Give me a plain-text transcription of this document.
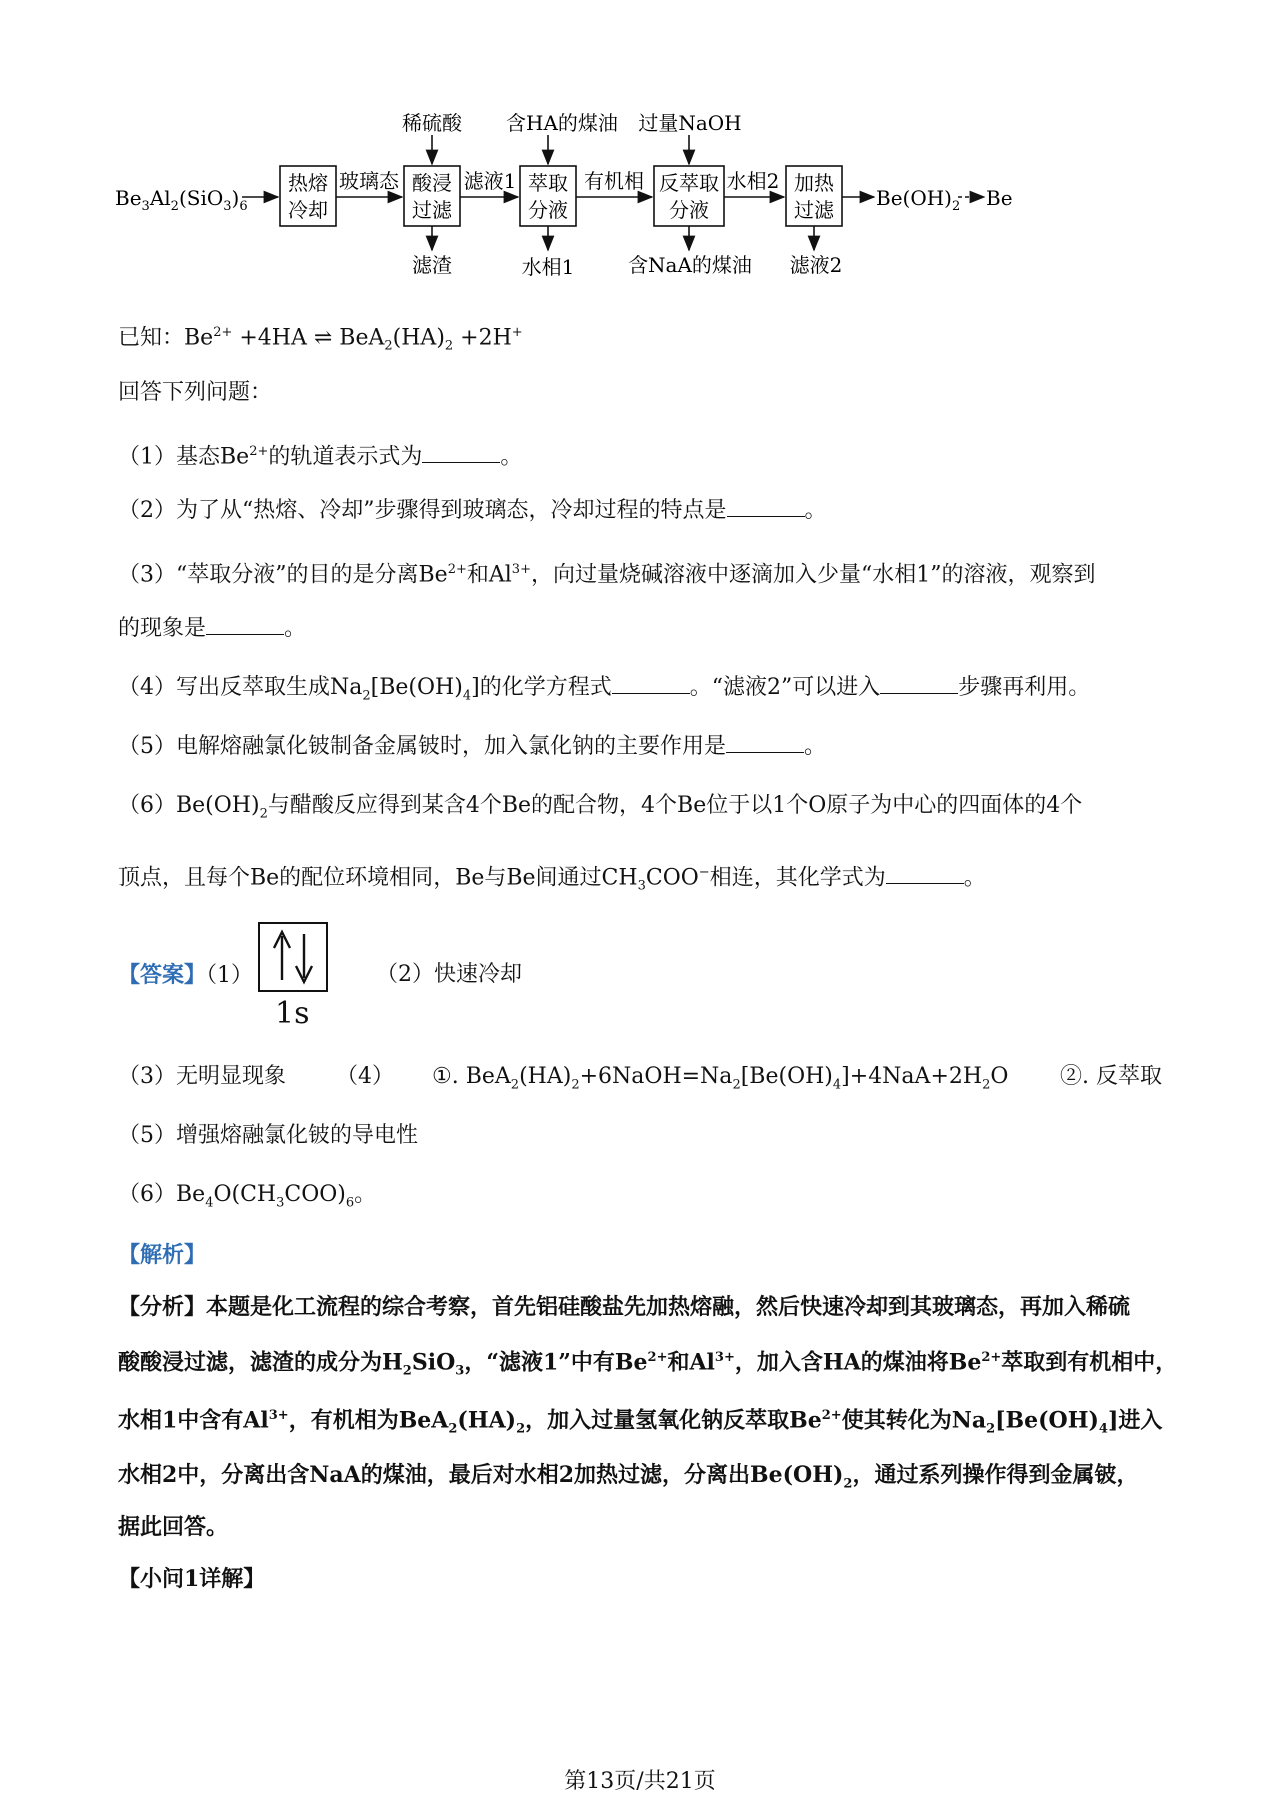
$Be_3Al_2(SiO_3)_6$
热熔
冷却
玻璃态 酸浸
过滤
稀硫酸
滤渣
滤液1 萃取
分液
含HA的煤油
水相1
有机相 反萃取
分液
过量NaOH
含NaA的煤油
水相2 加热
过滤
滤液2
$Be(OH)_2$ Be
已知：$Be^{2+} +4HA$ ⇌ $BeA_2(HA)_2 +2H^+$
回答下列问题：
（1）基态$Be^{2+}$的轨道表示式为	。
（2）为了从“热熔、冷却”步骤得到玻璃态，冷却过程的特点是	。
（3）“萃取分液”的目的是分离$Be^{2+}$和$Al^{3+}$，向过量烧碱溶液中逐滴加入少量“水相1”的溶液，观察到
的现象是	。
（4）写出反萃取生成$Na_2[Be(OH)_4]$的化学方程式	。“滤液2”可以进入	步骤再利用。
（5）电解熔融氯化铍制备金属铍时，加入氯化钠的主要作用是	。
$(6)Be(OH)_2$与醋酸反应得到某含4个Be的配合物，4个Be位于以1个O原子为中心的四面体的4个
顶点，且每个Be的配位环境相同，Be与Be间通过$CH_3COO^-$相连，其化学式为	。
【答案】（1）
1s
（2）快速冷却
（3）无明显现象 （4） ①. $BeA_2(HA)_2+6NaOH=Na_2[Be(OH)_4]+4NaA+2H_2O$ ②. 反萃取
（5）增强熔融氯化铍的导电性
$(6)Be_4O(CH_3COO)_6$。
【解析】
【分析】本题是化工流程的综合考察，首先铝硅酸盐先加热熔融，然后快速冷却到其玻璃态，再加入稀硫
酸酸浸过滤，滤渣的成分为$H_2SiO_3$，“滤液1”中有$Be^{2+}$和$Al^{3+}$，加入含HA的煤油将$Be^{2+}$萃取到有机相中，
水相1中含有$Al^{3+}$，有机相为$BeA_2(HA)_2$，加入过量氢氧化钠反萃取$Be^{2+}$使其转化为$Na_2[Be(OH)_4]$进入
水相2中，分离出含NaA的煤油，最后对水相2加热过滤，分离出$Be(OH)_2$，通过系列操作得到金属铍，
据此回答。
【小问1详解】
第13页/共21页
